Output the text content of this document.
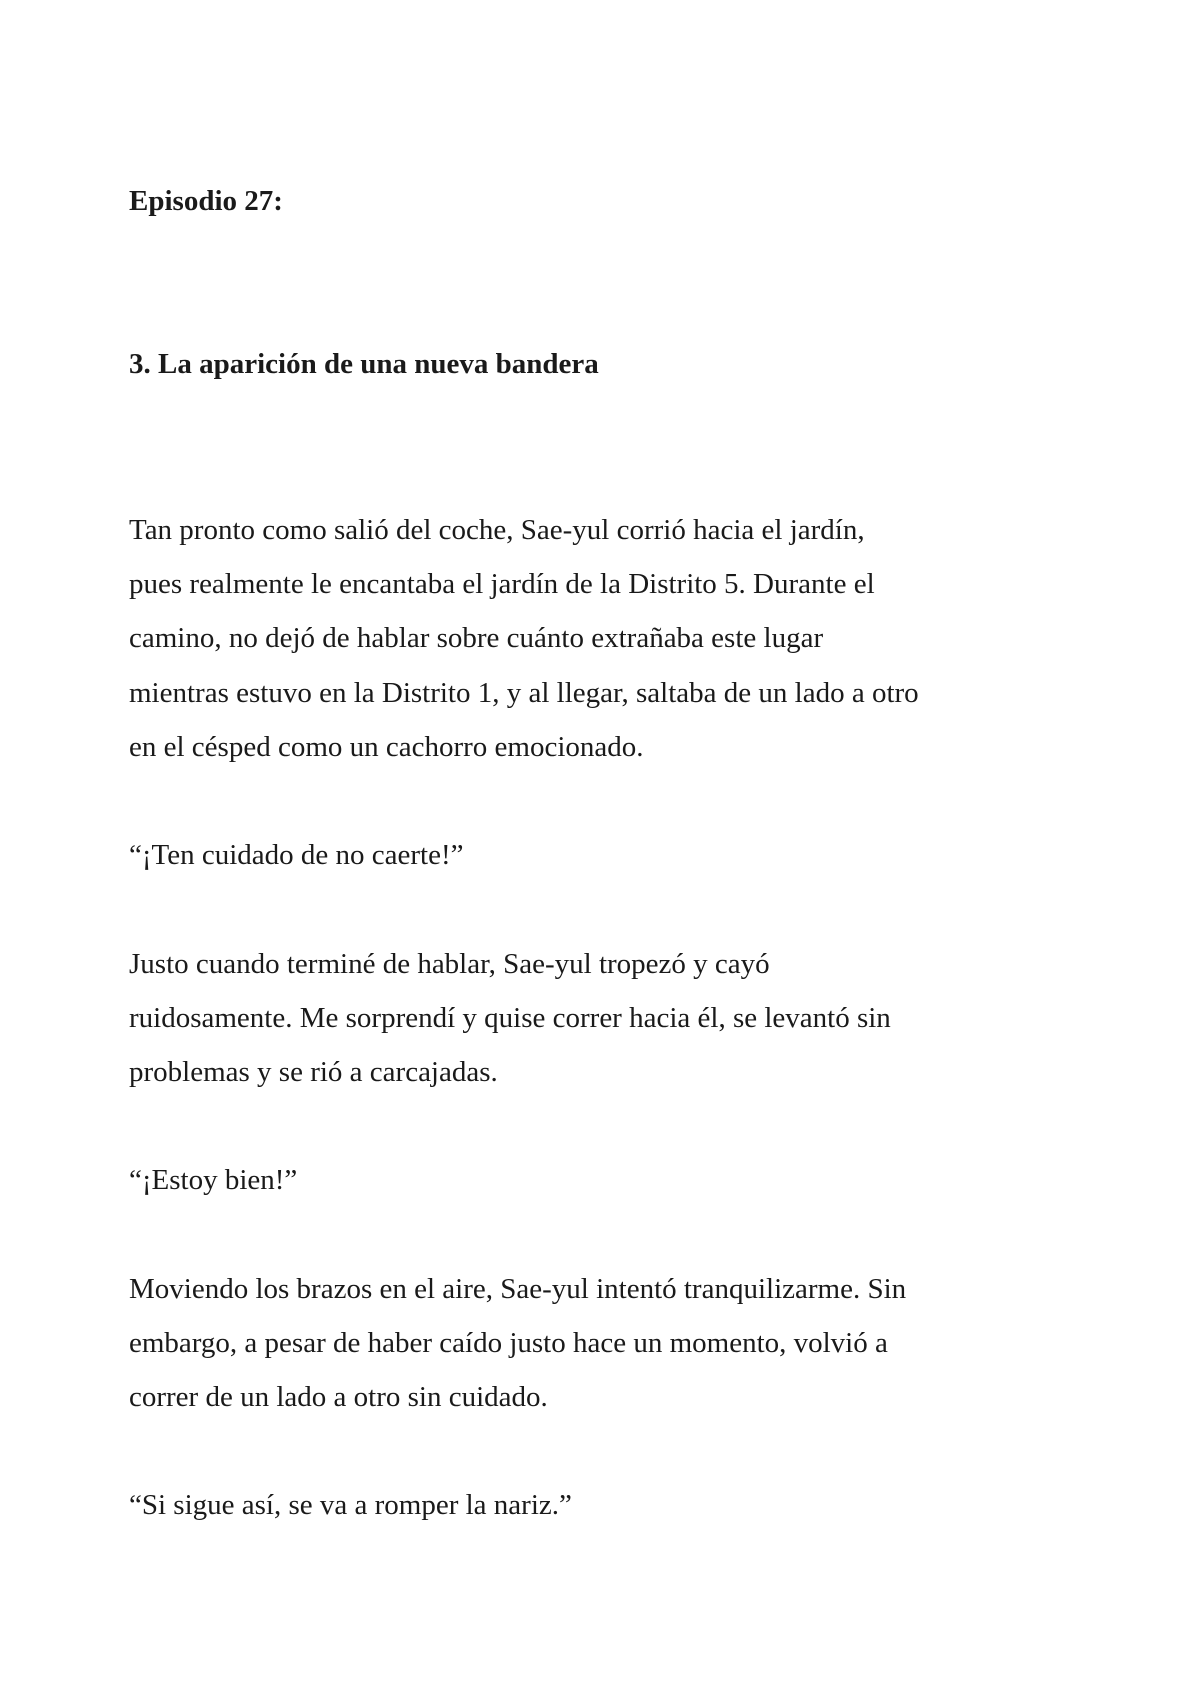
Episodio 27:
3. La aparición de una nueva bandera
Tan pronto como salió del coche, Sae-yul corrió hacia el jardín,
pues realmente le encantaba el jardín de la Distrito 5. Durante el
camino, no dejó de hablar sobre cuánto extrañaba este lugar
mientras estuvo en la Distrito 1, y al llegar, saltaba de un lado a otro
en el césped como un cachorro emocionado.
“¡Ten cuidado de no caerte!”
Justo cuando terminé de hablar, Sae-yul tropezó y cayó
ruidosamente. Me sorprendí y quise correr hacia él, se levantó sin
problemas y se rió a carcajadas.
“¡Estoy bien!”
Moviendo los brazos en el aire, Sae-yul intentó tranquilizarme. Sin
embargo, a pesar de haber caído justo hace un momento, volvió a
correr de un lado a otro sin cuidado.
“Si sigue así, se va a romper la nariz.”
